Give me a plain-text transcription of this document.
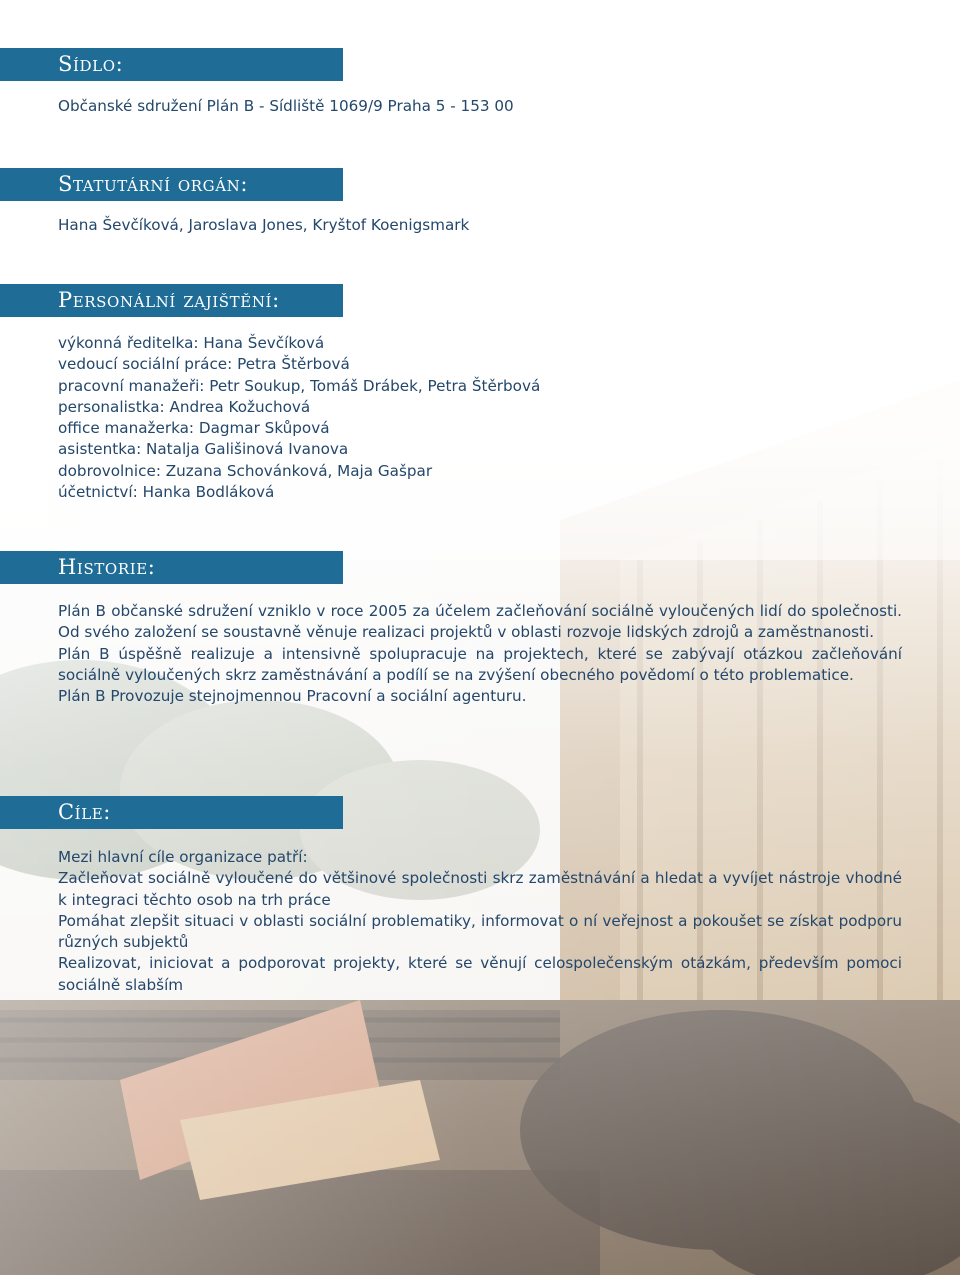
Sídlo:
Občanské sdružení Plán B - Sídliště 1069/9 Praha 5 - 153 00
Statutární orgán:
Hana Ševčíková, Jaroslava Jones, Kryštof Koenigsmark
Personální zajištění:
výkonná ředitelka: Hana Ševčíková
vedoucí sociální práce: Petra Štěrbová
pracovní manažeři: Petr Soukup, Tomáš Drábek, Petra Štěrbová
personalistka: Andrea Kožuchová
office manažerka: Dagmar Skůpová
asistentka: Natalja Gališinová Ivanova
dobrovolnice: Zuzana Schovánková, Maja Gašpar
účetnictví: Hanka Bodláková
Historie:

Plán B občanské sdružení vzniklo v roce 2005 za účelem začleňování sociálně vyloučených lidí do společnosti. Od svého založení se soustavně věnuje realizaci projektů v oblasti rozvoje lidských zdrojů a zaměstnanosti.

Plán B úspěšně realizuje a intensivně spolupracuje na projektech, které se zabývají otázkou začleňování sociálně vyloučených skrz zaměstnávání a podílí se na zvýšení obecného povědomí o této problematice.

Plán B Provozuje stejnojmennou Pracovní a sociální agenturu.

Cíle:

Mezi hlavní cíle organizace patří:

Začleňovat sociálně vyloučené do většinové společnosti skrz zaměstnávání a hledat a vyvíjet nástroje vhodné k integraci těchto osob na trh práce

Pomáhat zlepšit situaci v oblasti sociální problematiky, informovat o ní veřejnost a pokoušet se získat podporu různých subjektů

Realizovat, iniciovat a podporovat projekty, které se věnují celospolečenským otázkám, především pomoci sociálně slabším
